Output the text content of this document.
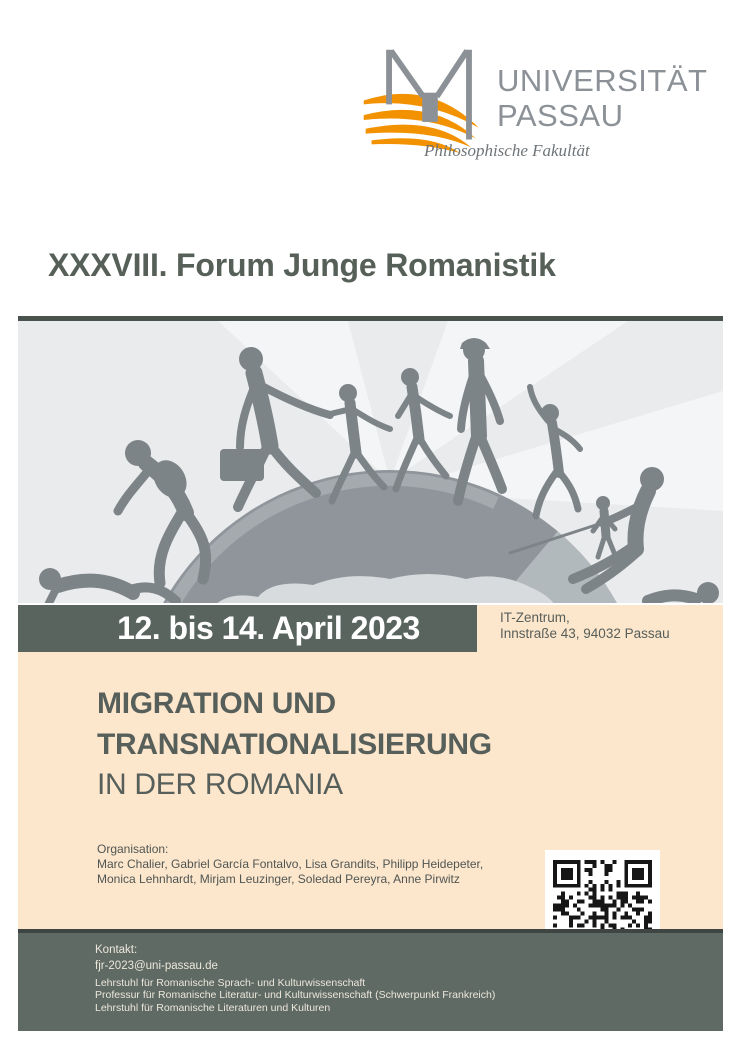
UNIVERSITÄT
PASSAU
Philosophische Fakultät
XXXVIII. Forum Junge Romanistik
12. bis 14. April 2023	IT-Zentrum,
Innstraße 43, 94032 Passau
MIGRATION UND
TRANSNATIONALISIERUNG
IN DER ROMANIA
Organisation:
Marc Chalier, Gabriel García Fontalvo, Lisa Grandits, Philipp Heidepeter,
Monica Lehnhardt, Mirjam Leuzinger, Soledad Pereyra, Anne Pirwitz
Kontakt:
fjr-2023@uni-passau.de
Lehrstuhl für Romanische Sprach- und Kulturwissenschaft
Professur für Romanische Literatur- und Kulturwissenschaft (Schwerpunkt Frankreich)
Lehrstuhl für Romanische Literaturen und Kulturen
